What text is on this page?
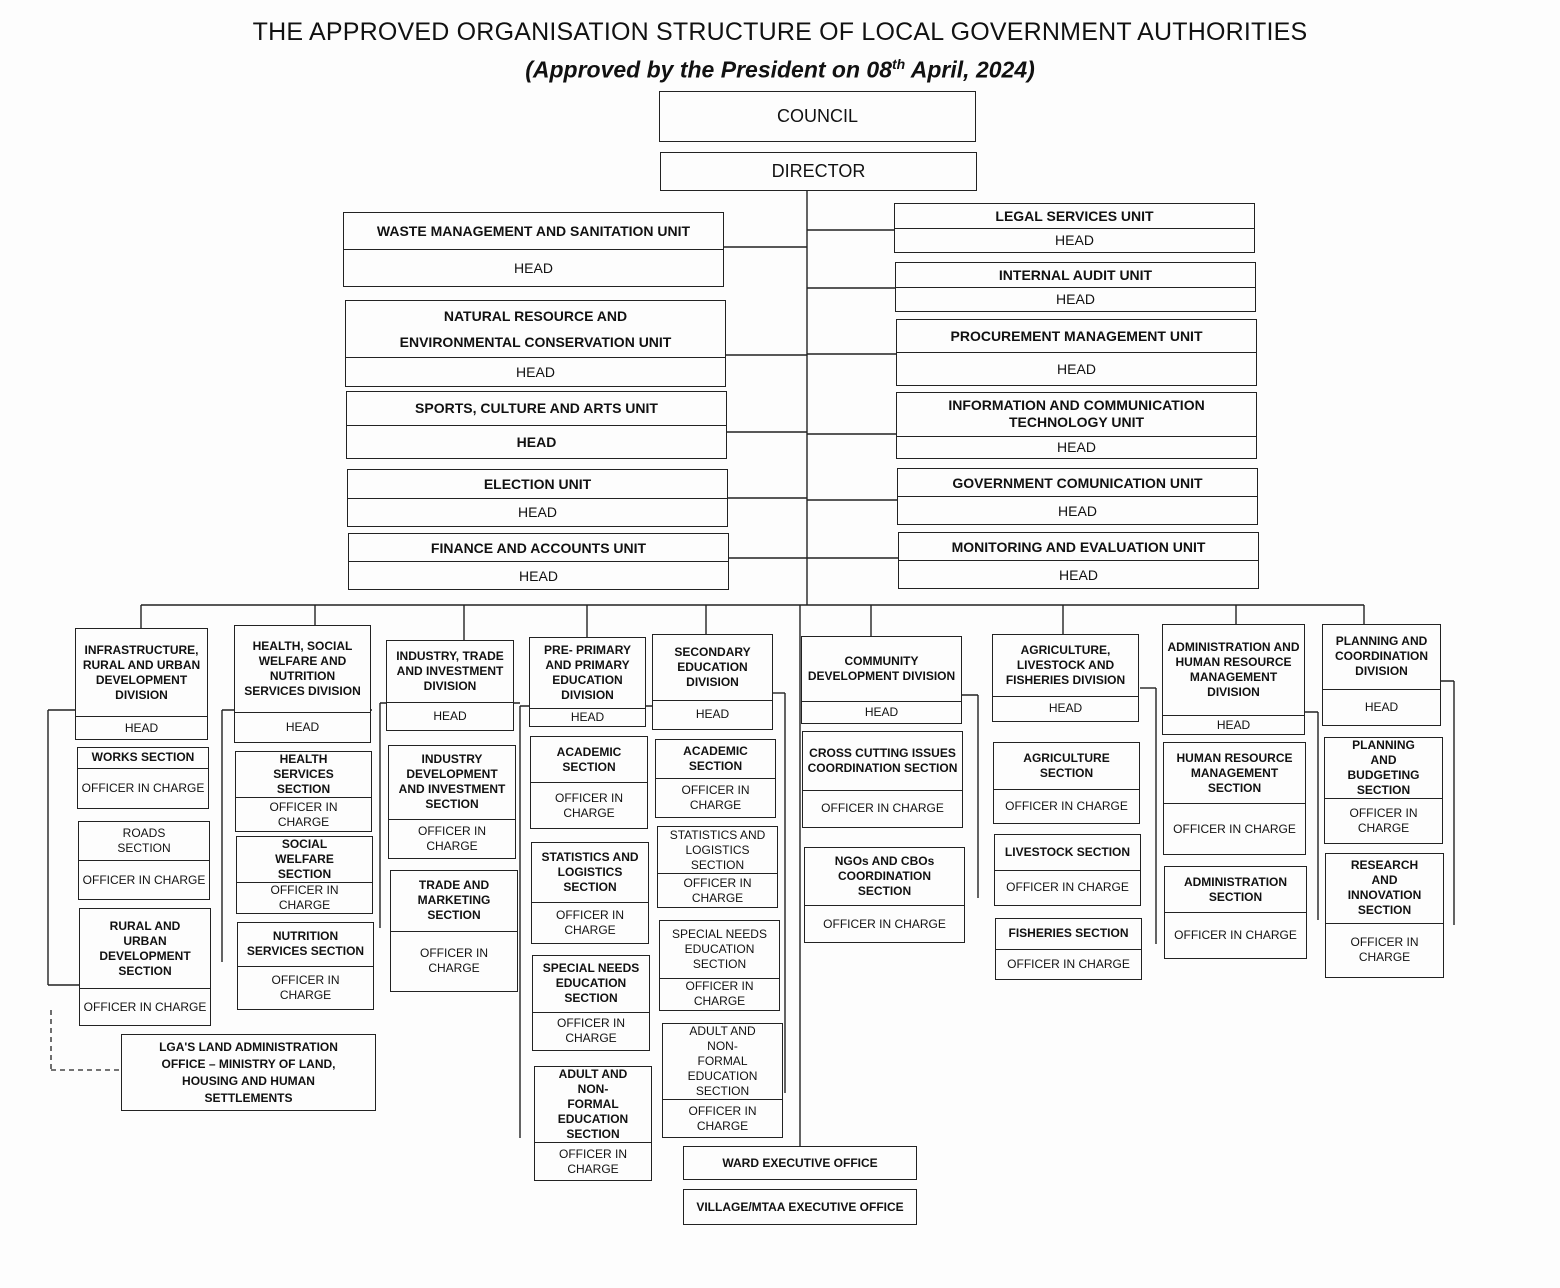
THE APPROVED ORGANISATION STRUCTURE OF LOCAL GOVERNMENT AUTHORITIES
(Approved by the President on 08th April, 2024)
COUNCIL
DIRECTOR
WASTE MANAGEMENT AND SANITATION UNIT
HEAD
NATURAL RESOURCE AND ENVIRONMENTAL CONSERVATION UNIT
HEAD
SPORTS, CULTURE AND ARTS UNIT
HEAD
ELECTION UNIT
HEAD
FINANCE AND ACCOUNTS UNIT
HEAD
LEGAL SERVICES UNIT
HEAD
INTERNAL AUDIT UNIT
HEAD
PROCUREMENT MANAGEMENT UNIT
HEAD
INFORMATION AND COMMUNICATION TECHNOLOGY UNIT
HEAD
GOVERNMENT COMUNICATION UNIT
HEAD
MONITORING AND EVALUATION UNIT
HEAD
INFRASTRUCTURE, RURAL AND URBAN DEVELOPMENT DIVISION
HEAD
HEALTH, SOCIAL WELFARE AND NUTRITION SERVICES DIVISION
HEAD
INDUSTRY, TRADE AND INVESTMENT DIVISION
HEAD
PRE- PRIMARY AND PRIMARY EDUCATION DIVISION
HEAD
SECONDARY EDUCATION DIVISION
HEAD
COMMUNITY DEVELOPMENT DIVISION
HEAD
AGRICULTURE, LIVESTOCK AND FISHERIES DIVISION
HEAD
ADMINISTRATION AND HUMAN RESOURCE MANAGEMENT DIVISION
HEAD
PLANNING AND COORDINATION DIVISION
HEAD
WORKS SECTION
OFFICER IN CHARGE
ROADS SECTION
OFFICER IN CHARGE
RURAL AND URBAN DEVELOPMENT SECTION
OFFICER IN CHARGE
HEALTH SERVICES SECTION
OFFICER IN CHARGE
SOCIAL WELFARE SECTION
OFFICER IN CHARGE
NUTRITION SERVICES SECTION
OFFICER IN CHARGE
INDUSTRY DEVELOPMENT AND INVESTMENT SECTION
OFFICER IN CHARGE
TRADE AND MARKETING SECTION
OFFICER IN CHARGE
ACADEMIC SECTION
OFFICER IN CHARGE
STATISTICS AND LOGISTICS SECTION
OFFICER IN CHARGE
SPECIAL NEEDS EDUCATION SECTION
OFFICER IN CHARGE
ADULT AND NON-FORMAL EDUCATION SECTION
OFFICER IN CHARGE
ACADEMIC SECTION
OFFICER IN CHARGE
STATISTICS AND LOGISTICS SECTION
OFFICER IN CHARGE
SPECIAL NEEDS EDUCATION SECTION
OFFICER IN CHARGE
ADULT AND NON-FORMAL EDUCATION SECTION
OFFICER IN CHARGE
CROSS CUTTING ISSUES COORDINATION SECTION
OFFICER IN CHARGE
NGOs AND CBOs COORDINATION SECTION
OFFICER IN CHARGE
AGRICULTURE SECTION
OFFICER IN CHARGE
LIVESTOCK SECTION
OFFICER IN CHARGE
FISHERIES SECTION
OFFICER IN CHARGE
HUMAN RESOURCE MANAGEMENT SECTION
OFFICER IN CHARGE
ADMINISTRATION SECTION
OFFICER IN CHARGE
PLANNING AND BUDGETING SECTION
OFFICER IN CHARGE
RESEARCH AND INNOVATION SECTION
OFFICER IN CHARGE
LGA'S LAND ADMINISTRATION OFFICE – MINISTRY OF LAND, HOUSING AND HUMAN SETTLEMENTS
WARD EXECUTIVE OFFICE
VILLAGE/MTAA EXECUTIVE OFFICE
